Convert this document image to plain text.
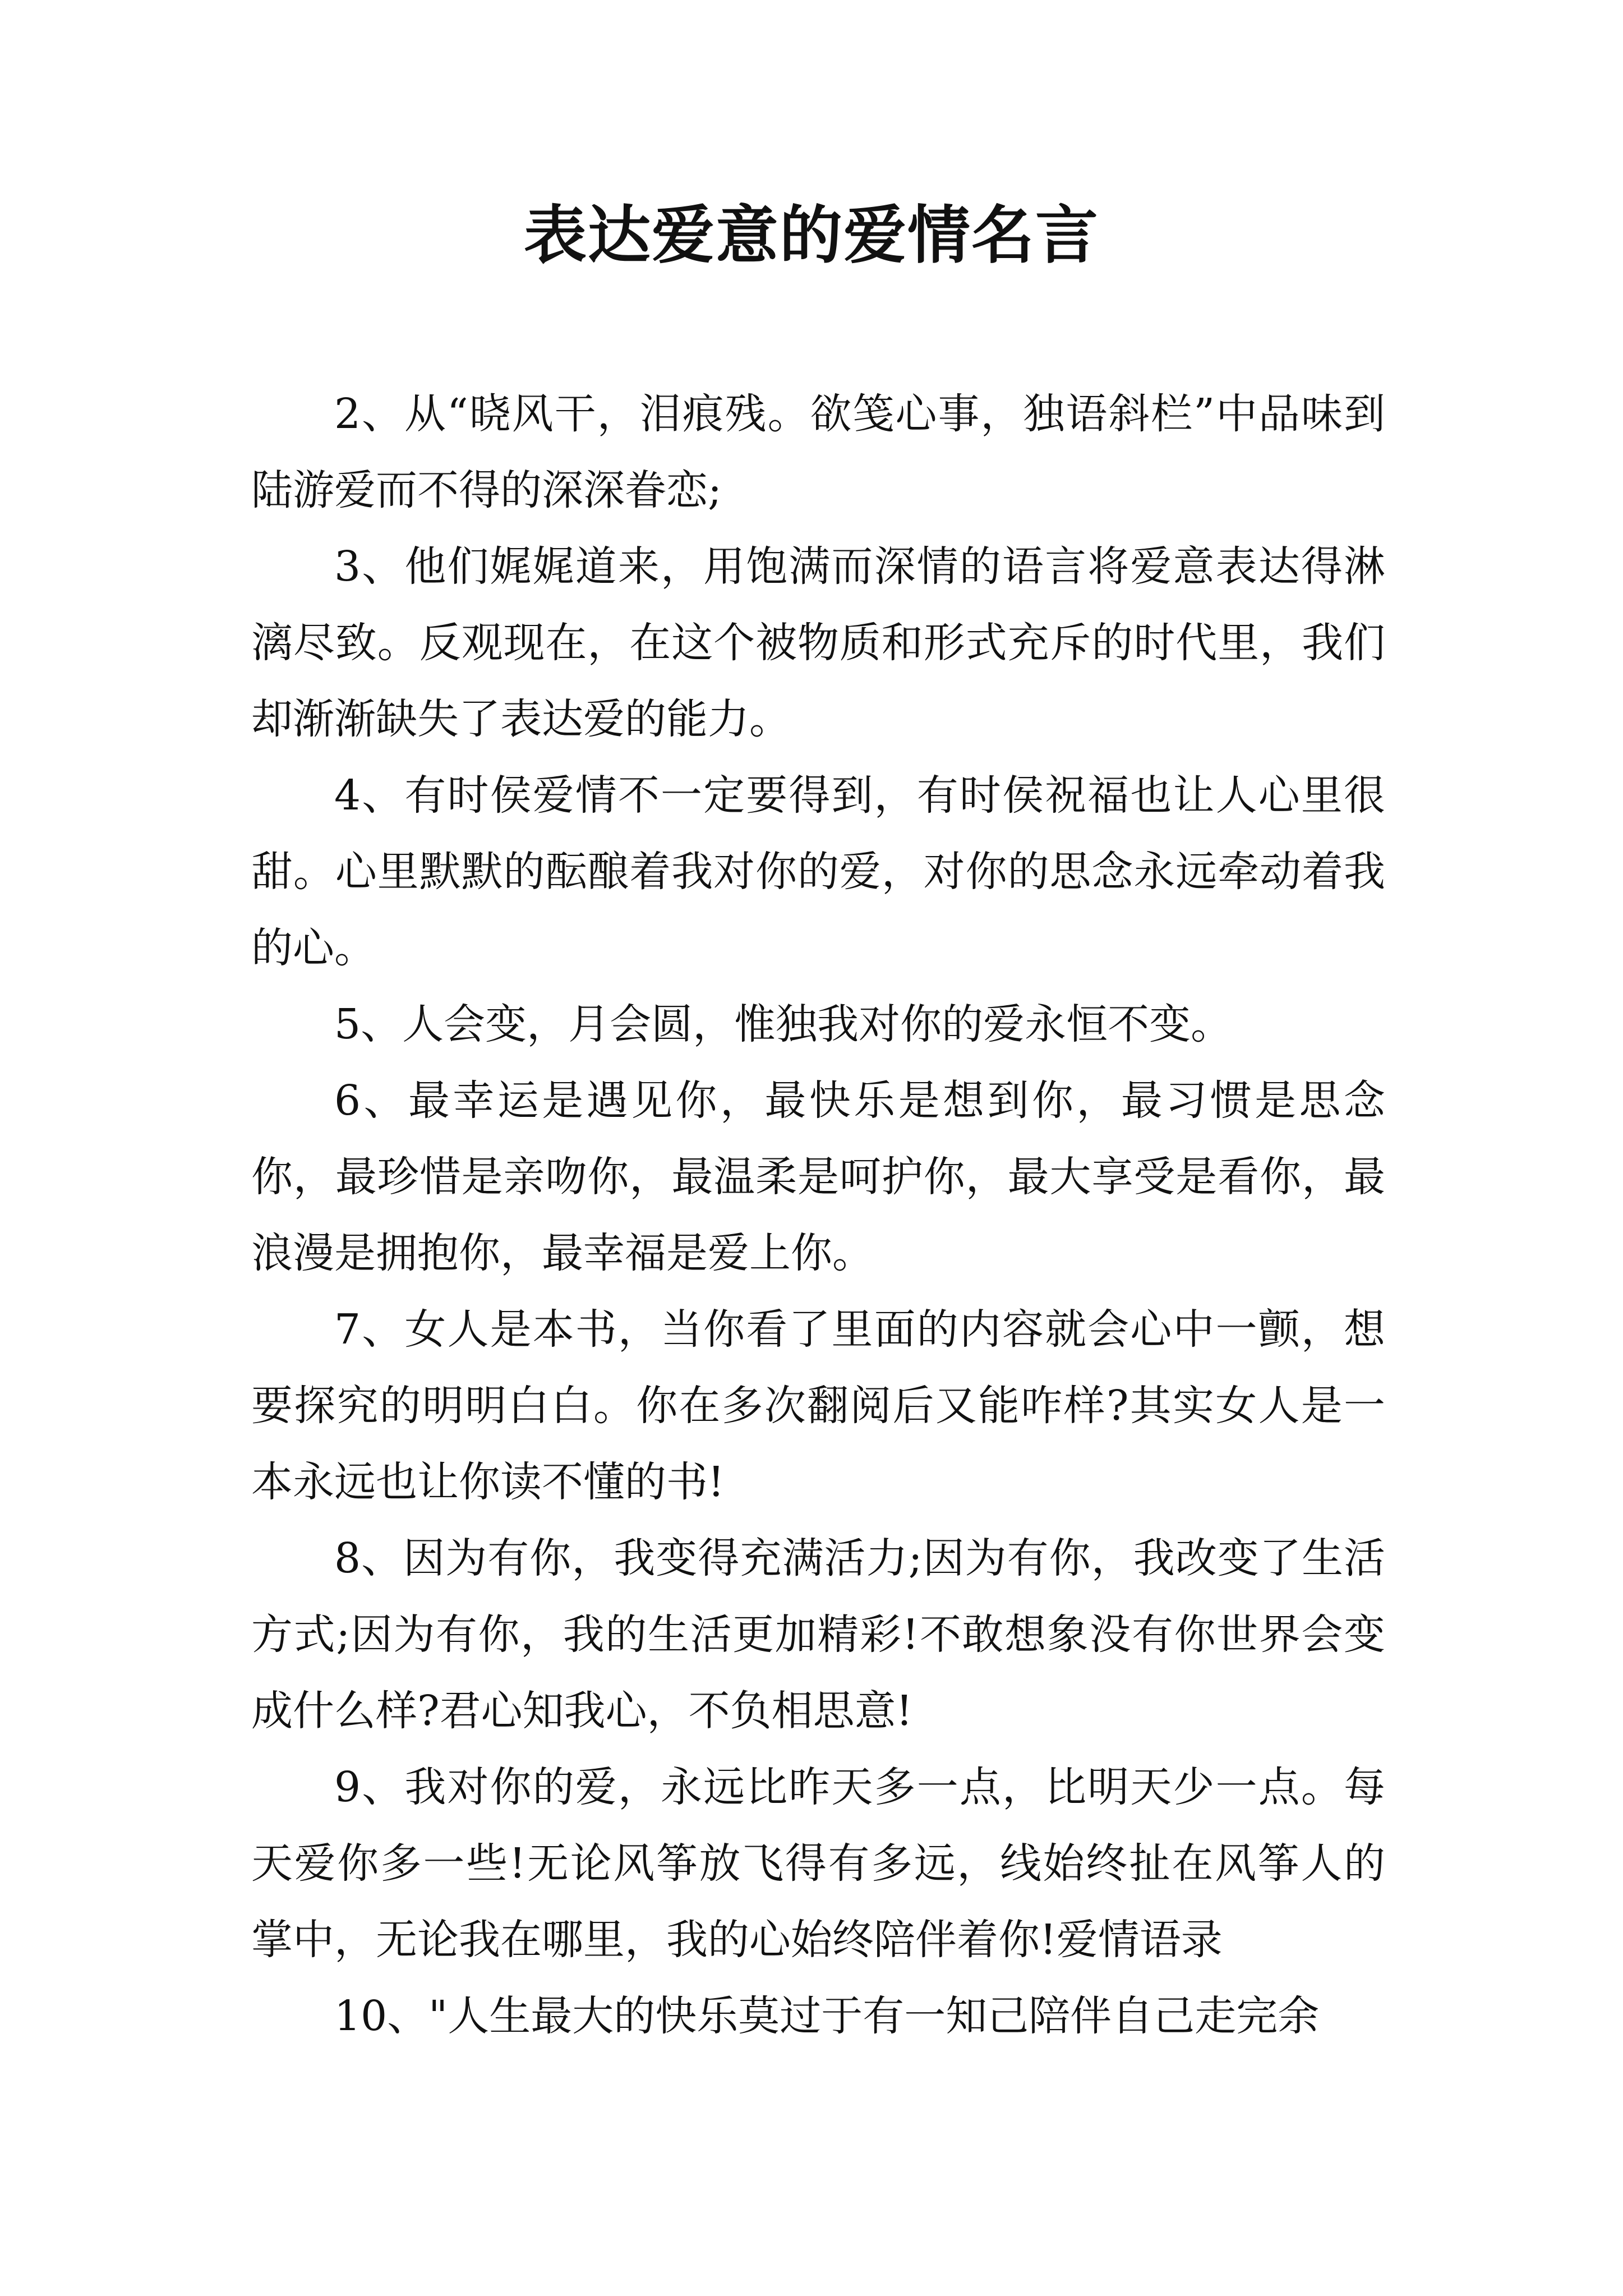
表达爱意的爱情名言

2、从“晓风干，泪痕残。欲笺心事，独语斜栏”中品味到陆游爱而不得的深深眷恋;

3、他们娓娓道来，用饱满而深情的语言将爱意表达得淋漓尽致。反观现在，在这个被物质和形式充斥的时代里，我们却渐渐缺失了表达爱的能力。

4、有时侯爱情不一定要得到，有时侯祝福也让人心里很甜。心里默默的酝酿着我对你的爱，对你的思念永远牵动着我的心。

5、人会变，月会圆，惟独我对你的爱永恒不变。

6、最幸运是遇见你，最快乐是想到你，最习惯是思念你，最珍惜是亲吻你，最温柔是呵护你，最大享受是看你，最浪漫是拥抱你，最幸福是爱上你。

7、女人是本书，当你看了里面的内容就会心中一颤，想要探究的明明白白。你在多次翻阅后又能咋样?其实女人是一本永远也让你读不懂的书!

8、因为有你，我变得充满活力;因为有你，我改变了生活方式;因为有你，我的生活更加精彩!不敢想象没有你世界会变成什么样?君心知我心，不负相思意!

9、我对你的爱，永远比昨天多一点，比明天少一点。每天爱你多一些!无论风筝放飞得有多远，线始终扯在风筝人的掌中，无论我在哪里，我的心始终陪伴着你!爱情语录

10、"人生最大的快乐莫过于有一知己陪伴自己走完余
